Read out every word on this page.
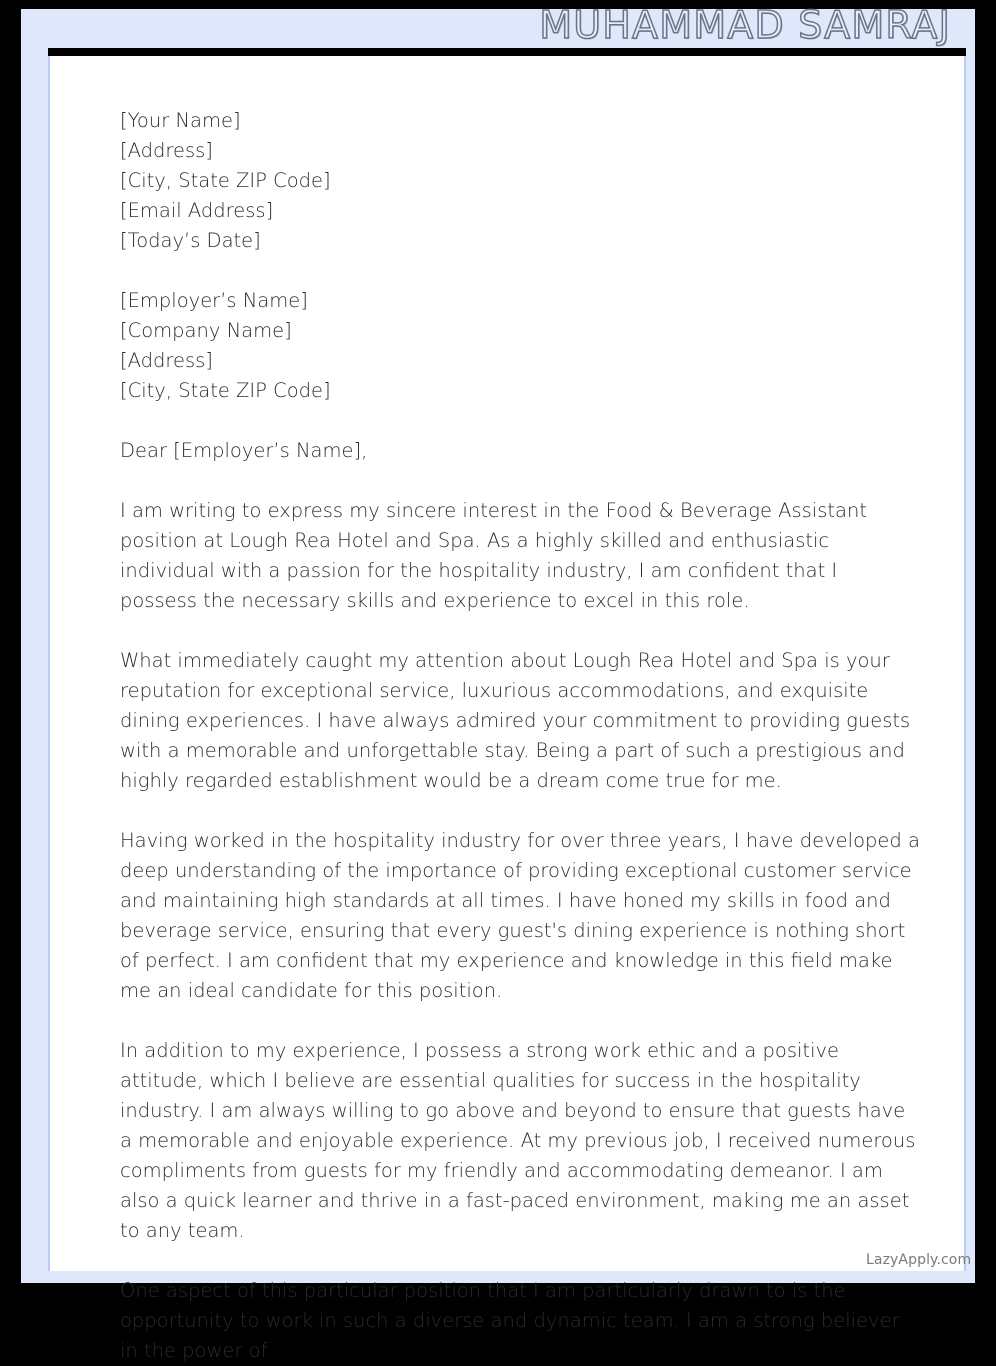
MUHAMMAD SAMRAJ
[Your Name]
[Address]
[City, State ZIP Code]
[Email Address]
[Today’s Date]
[Employer’s Name]
[Company Name]
[Address]
[City, State ZIP Code]

Dear [Employer’s Name],

I am writing to express my sincere interest in the Food & Beverage Assistant position at Lough Rea Hotel and Spa. As a highly skilled and enthusiastic individual with a passion for the hospitality industry, I am confident that I possess the necessary skills and experience to excel in this role.

What immediately caught my attention about Lough Rea Hotel and Spa is your reputation for exceptional service, luxurious accommodations, and exquisite dining experiences. I have always admired your commitment to providing guests with a memorable and unforgettable stay. Being a part of such a prestigious and highly regarded establishment would be a dream come true for me.

Having worked in the hospitality industry for over three years, I have developed a deep understanding of the importance of providing exceptional customer service and maintaining high standards at all times. I have honed my skills in food and beverage service, ensuring that every guest's dining experience is nothing short of perfect. I am confident that my experience and knowledge in this field make me an ideal candidate for this position.

In addition to my experience, I possess a strong work ethic and a positive attitude, which I believe are essential qualities for success in the hospitality industry. I am always willing to go above and beyond to ensure that guests have a memorable and enjoyable experience. At my previous job, I received numerous compliments from guests for my friendly and accommodating demeanor. I am also a quick learner and thrive in a fast-paced environment, making me an asset to any team.

One aspect of this particular position that I am particularly drawn to is the opportunity to work in such a diverse and dynamic team. I am a strong believer in the power of

LazyApply.com
